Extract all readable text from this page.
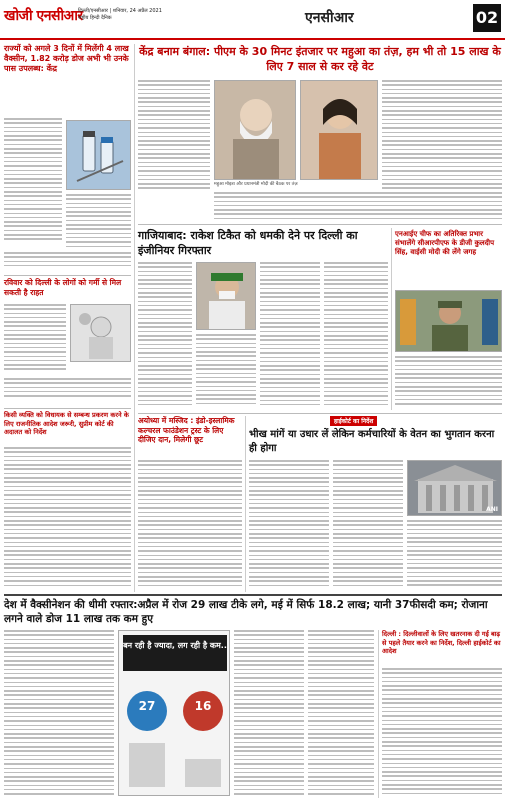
खोजी एनसीआर
दिल्ली/एनसीआर | शनिवार, 24 अप्रैल 2021
राष्ट्रीय हिन्दी दैनिक	एनसीआर	02
राज्यों को अगले 3 दिनों में मिलेंगी 4 लाख वैक्सीन, 1.82 करोड़ डोज अभी भी उनके पास उपलब्ध: केंद्र
रविवार को दिल्ली के लोगों को गर्मी से मिल सकती है राहत
किसी व्यक्ति को विधायक से सम्बन्ध प्रकरण करने के लिए राजनीतिक आदेश जरूरी, सुप्रीम कोर्ट की अदालत को निर्देश
केंद्र बनाम बंगाल: पीएम के 30 मिनट इंतजार पर महुआ का तंज़, हम भी तो 15 लाख के लिए 7 साल से कर रहे वेट
महुआ मोइत्रा और प्रधानमंत्री मोदी की बैठक पर तंज़
गाजियाबाद: राकेश टिकैत को धमकी देने पर दिल्ली का इंजीनियर गिरफ्तार
एनआईए चीफ का अतिरिक्त प्रभार संभालेंगे सीआरपीएफ के डीजी कुलदीप सिंह, वाईसी मोदी की लेंगे जगह
अयोध्या में मस्जिद : इंडो-इस्लामिक कल्चरल फाउंडेशन ट्रस्ट के लिए दीजिए दान, मिलेगी छूट
हाईकोर्ट का निर्देश
भीख मांगें या उधार लें लेकिन कर्मचारियों के वेतन का भुगतान करना ही होगा
ANI
देश में वैक्सीनेशन की धीमी रफ्तार:अप्रैल में रोज 29 लाख टीके लगे, मई में सिर्फ 18.2 लाख; यानी 37फीसदी कम; रोजाना लगने वाले डोज 11 लाख तक कम हुए
बन रही है ज्यादा, लग रही है कम..
27	16
दिल्ली : दिल्लीवालों के लिए खतरनाक दी गई बाढ़ से पहले तैयार करने का निर्देश, दिल्ली हाईकोर्ट का आदेश
